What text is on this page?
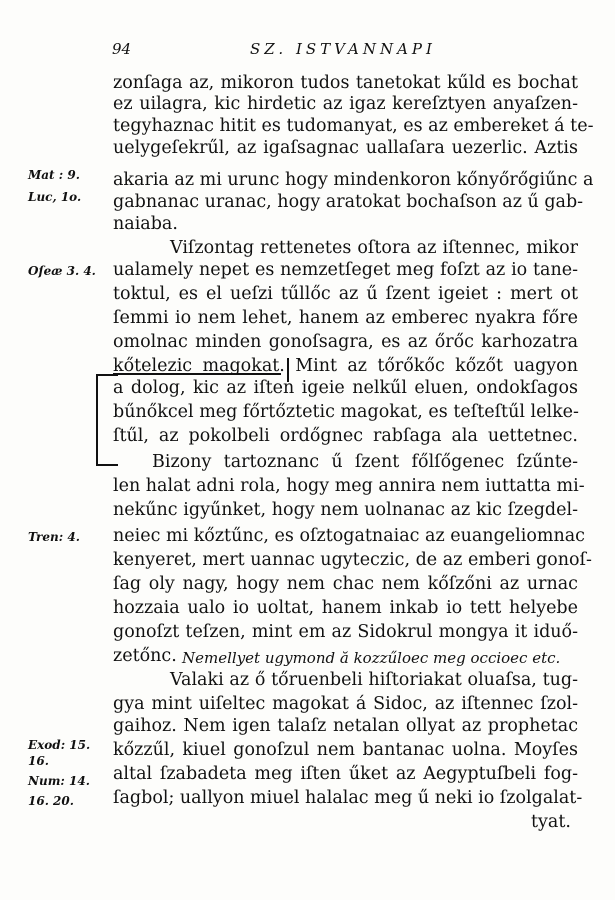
94	SZ. ISTVANNAPI
Mat : 9.
Luc, 1o.
Oſeæ 3. 4.
Tren: 4.
Exod: 15.
16.
Num: 14.
16. 20.
zonſaga az, mikoron tudos tanetokat kűld es bochat
ez uilagra, kic hirdetic az igaz kereſztyen anyaſzen-
tegyhaznac hitit es tudomanyat, es az embereket á te-
uelygeſekrűl, az igaſsagnac uallaſara uezerlic. Aztis
akaria az mi urunc hogy mindenkoron kőnyőrőgiűnc a
gabnanac uranac, hogy aratokat bochaſson az ű gab-
naiaba.
Viſzontag rettenetes oſtora az iſtennec, mikor
ualamely nepet es nemzetſeget meg foſzt az io tane-
toktul, es el ueſzi tűllőc az ű ſzent igeiet : mert ot
ſemmi io nem lehet, hanem az emberec nyakra főre
omolnac minden gonoſsagra, es az őrőc karhozatra
kőtelezic magokat. Mint az tőrőkőc kőzőt uagyon
a dolog, kic az iſten igeie nelkűl eluen, ondokſagos
bűnőkcel meg főrtőztetic magokat, es teſteſtűl lelke-
ſtűl, az pokolbeli ordőgnec rabſaga ala uettetnec.
Bizony tartoznanc ű ſzent főlſőgenec ſzűnte-
len halat adni rola, hogy meg annira nem iuttatta mi-
nekűnc igyűnket, hogy nem uolnanac az kic ſzegdel-
neiec mi kőztűnc, es oſztogatnaiac az euangeliomnac
kenyeret, mert uannac ugyteczic, de az emberi gonoſ-
ſag oly nagy, hogy nem chac nem kőſzőni az urnac
hozzaia ualo io uoltat, hanem inkab io tett helyebe
gonoſzt teſzen, mint em az Sidokrul mongya it iduő-
zetőnc. Nemellyet ugymond ă kozzűlοec meg οcciοec etc.
Valaki az ő tőruenbeli hiſtoriakat oluaſsa, tug-
gya mint uiſeltec magokat á Sidoc, az iſtennec ſzol-
gaihoz. Nem igen talaſz netalan ollyat az prophetac
kőzzűl, kiuel gonoſzul nem bantanac uolna. Moyſes
altal ſzabadeta meg iſten űket az Aegyptuſbeli fog-
ſagbol; uallyon miuel halalac meg ű neki io ſzolgalat-
tyat.
